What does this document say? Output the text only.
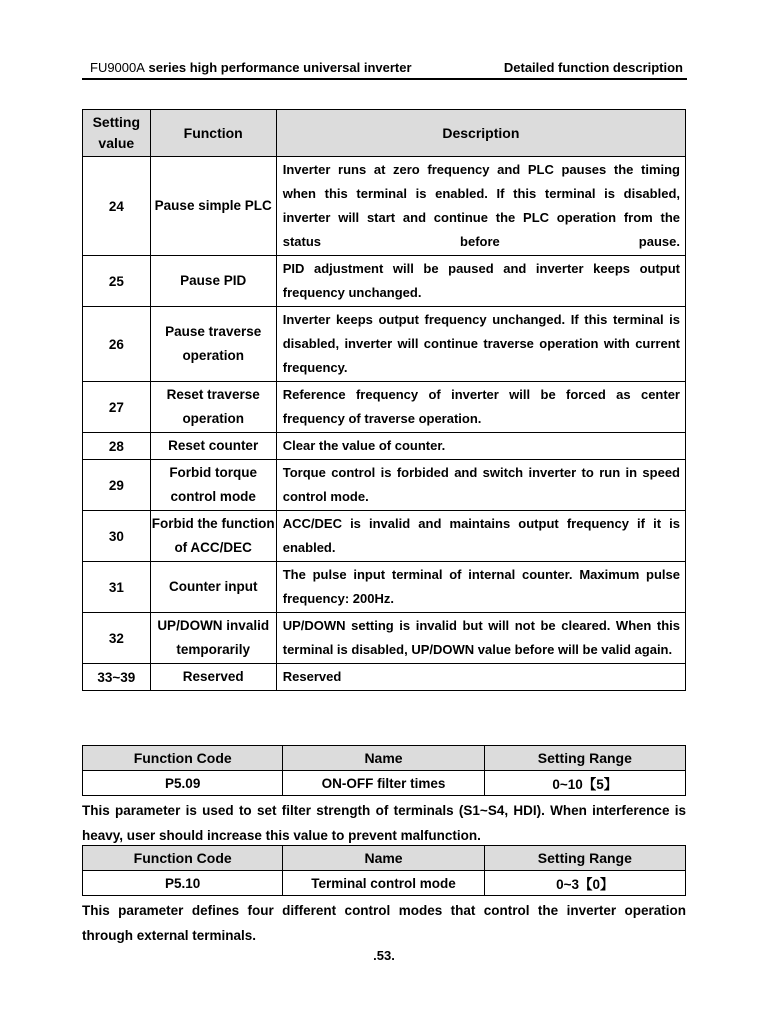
FU9000A series high performance universal inverter	Detailed function description
Setting value	Function	Description
24	Pause simple PLC	Inverter runs at zero frequency and PLC pauses the timing when this terminal is enabled. If this terminal is disabled, inverter will start and continue the PLC operation from the status before pause.
25	Pause PID	PID adjustment will be paused and inverter keeps output frequency unchanged.
26	Pause traverse operation	Inverter keeps output frequency unchanged. If this terminal is disabled, inverter will continue traverse operation with current frequency.
27	Reset traverse operation	Reference frequency of inverter will be forced as center frequency of traverse operation.
28	Reset counter	Clear the value of counter.
29	Forbid torque control mode	Torque control is forbided and switch inverter to run in speed control mode.
30	Forbid the function of ACC/DEC	ACC/DEC is invalid and maintains output frequency if it is enabled.
31	Counter input	The pulse input terminal of internal counter. Maximum pulse frequency: 200Hz.
32	UP/DOWN invalid temporarily	UP/DOWN setting is invalid but will not be cleared. When this terminal is disabled, UP/DOWN value before will be valid again.
33~39	Reserved	Reserved
Function Code	Name	Setting Range
P5.09	ON-OFF filter times	0~10【5】
This parameter is used to set filter strength of terminals (S1~S4, HDI). When interference is heavy, user should increase this value to prevent malfunction.
Function Code	Name	Setting Range
P5.10	Terminal control mode	0~3【0】
This parameter defines four different control modes that control the inverter operation through external terminals.
.53.
